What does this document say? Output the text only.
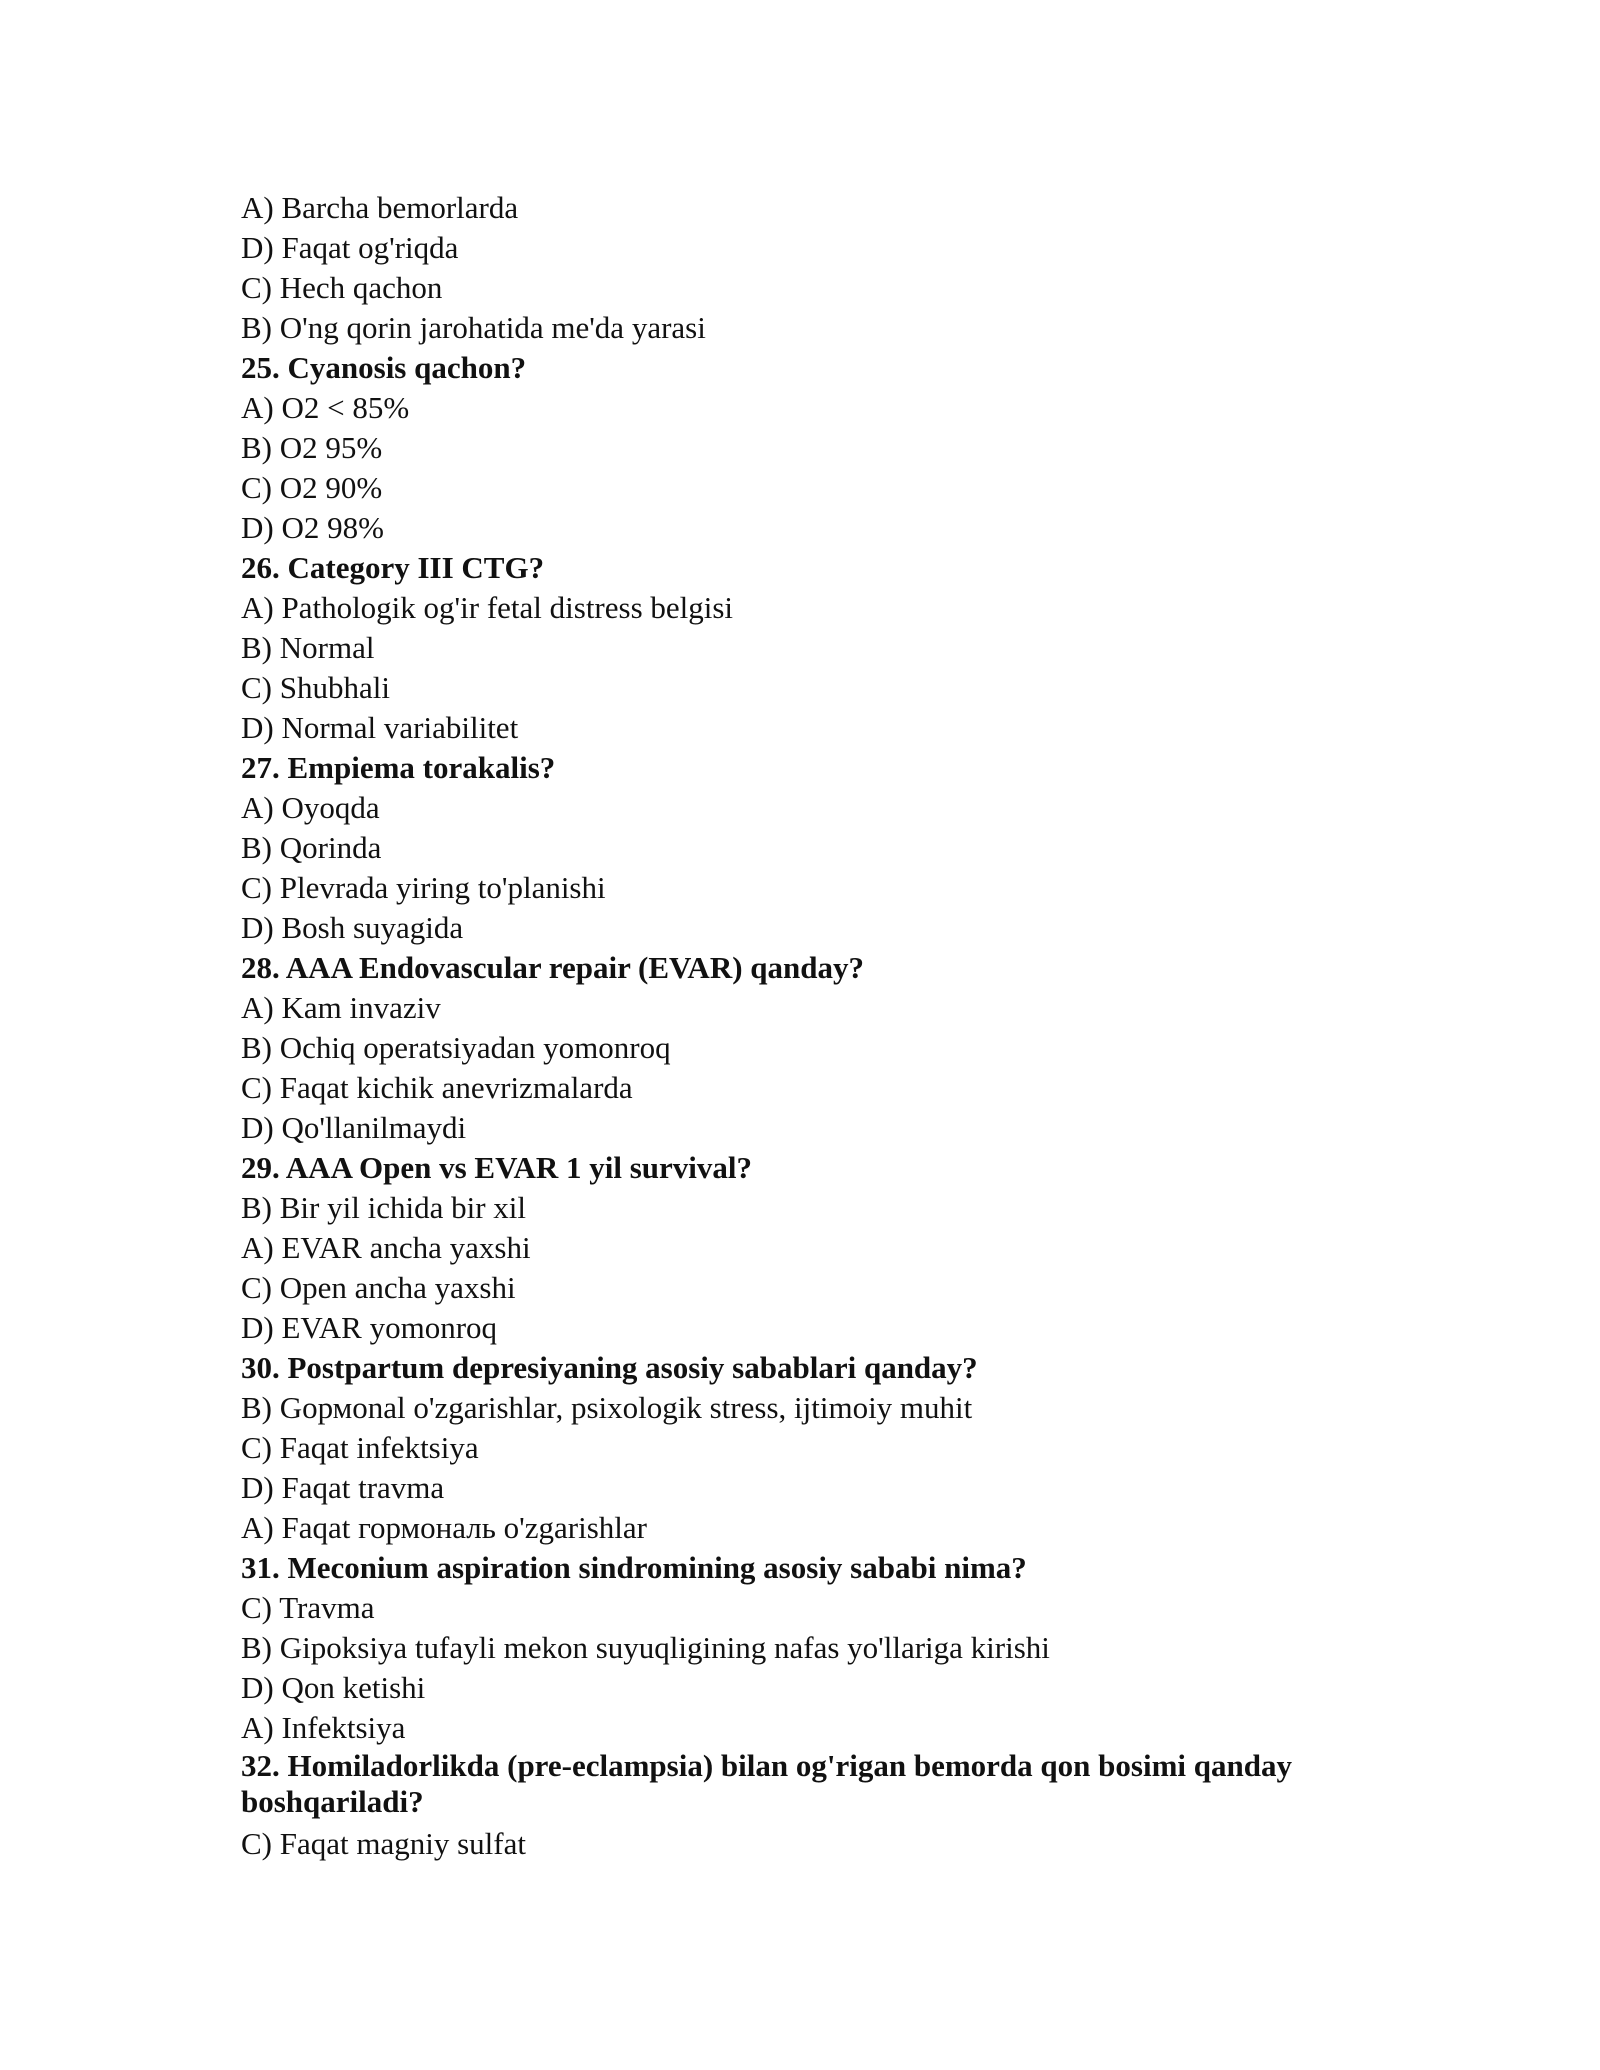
A) Barcha bemorlarda

D) Faqat og'riqda

C) Hech qachon

B) O'ng qorin jarohatida me'da yarasi

25. Cyanosis qachon?

A) O2 < 85%

B) O2 95%

C) O2 90%

D) O2 98%

26. Category III CTG?

A) Pathologik og'ir fetal distress belgisi

B) Normal

C) Shubhali

D) Normal variabilitet

27. Empiema torakalis?

A) Oyoqda

B) Qorinda

C) Plevrada yiring to'planishi

D) Bosh suyagida

28. AAA Endovascular repair (EVAR) qanday?

A) Kam invaziv

B) Ochiq operatsiyadan yomonroq

C) Faqat kichik anevrizmalarda

D) Qo'llanilmaydi

29. AAA Open vs EVAR 1 yil survival?

B) Bir yil ichida bir xil

A) EVAR ancha yaxshi

C) Open ancha yaxshi

D) EVAR yomonroq

30. Postpartum depresiyaning asosiy sabablari qanday?

B) Gормonal o'zgarishlar, psixologik stress, ijtimoiy muhit

C) Faqat infektsiya

D) Faqat travma

A) Faqat гормональ o'zgarishlar

31. Meconium aspiration sindromining asosiy sababi nima?

C) Travma

B) Gipoksiya tufayli mekon suyuqligining nafas yo'llariga kirishi

D) Qon ketishi

A) Infektsiya

32. Homiladorlikda (pre-eclampsia) bilan og'rigan bemorda qon bosimi qanday boshqariladi?

C) Faqat magniy sulfat
